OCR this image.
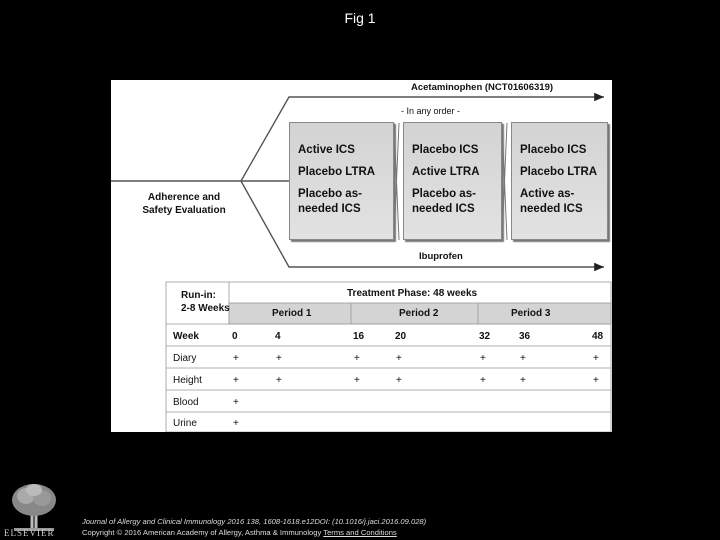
Fig 1
Week	0	4	16	20	32	36	48
Diary	+	+	+	+	+	+	+
Height	+	+	+	+	+	+	+
Blood	+
Urine	+
Acetaminophen (NCT01606319)
- In any order -
Ibuprofen
Adherence and
Safety Evaluation
Active ICS
Placebo LTRA
Placebo as-
needed ICS
Placebo ICS
Active LTRA
Placebo as-
needed ICS
Placebo ICS
Placebo LTRA
Active as-
needed ICS
Run-in:
2-8 Weeks
Treatment Phase: 48 weeks
Period 1	Period 2	Period 3
ELSEVIER
Journal of Allergy and Clinical Immunology 2016 138, 1608-1618.e12DOI: (10.1016/j.jaci.2016.09.028)
Copyright © 2016 American Academy of Allergy, Asthma & Immunology Terms and Conditions
